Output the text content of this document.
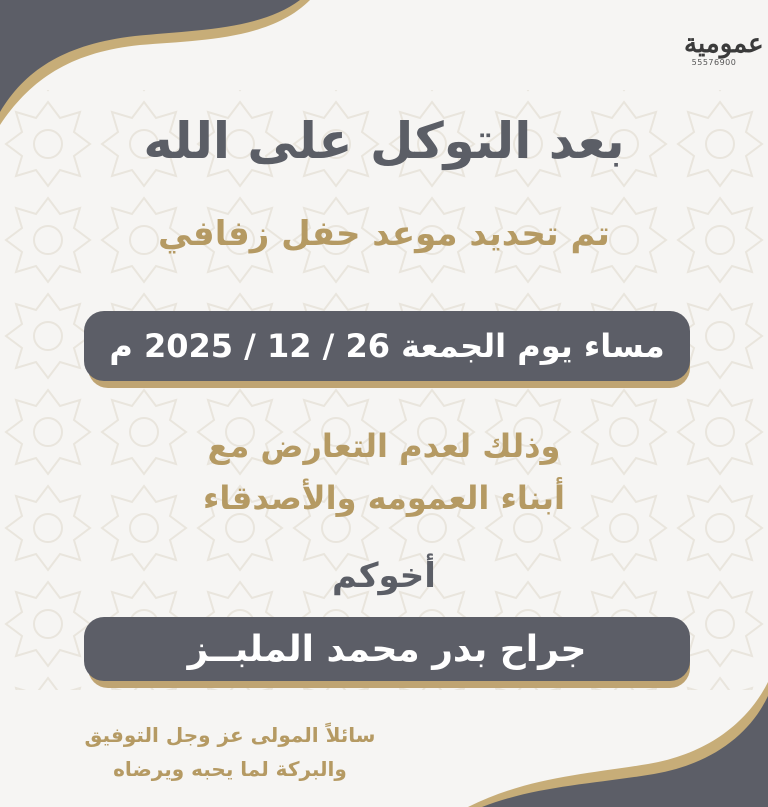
عمومية
55576900
بعد التوكل على الله
تم تحديد موعد حفل زفافي
مساء يوم الجمعة 26 / 12 / 2025 م
وذلك لعدم التعارض مع
أبناء العمومه والأصدقاء
أخوكم
جراح بدر محمد الملبــز
سائلاً المولى عز وجل التوفيق
والبركة لما يحبه ويرضاه
